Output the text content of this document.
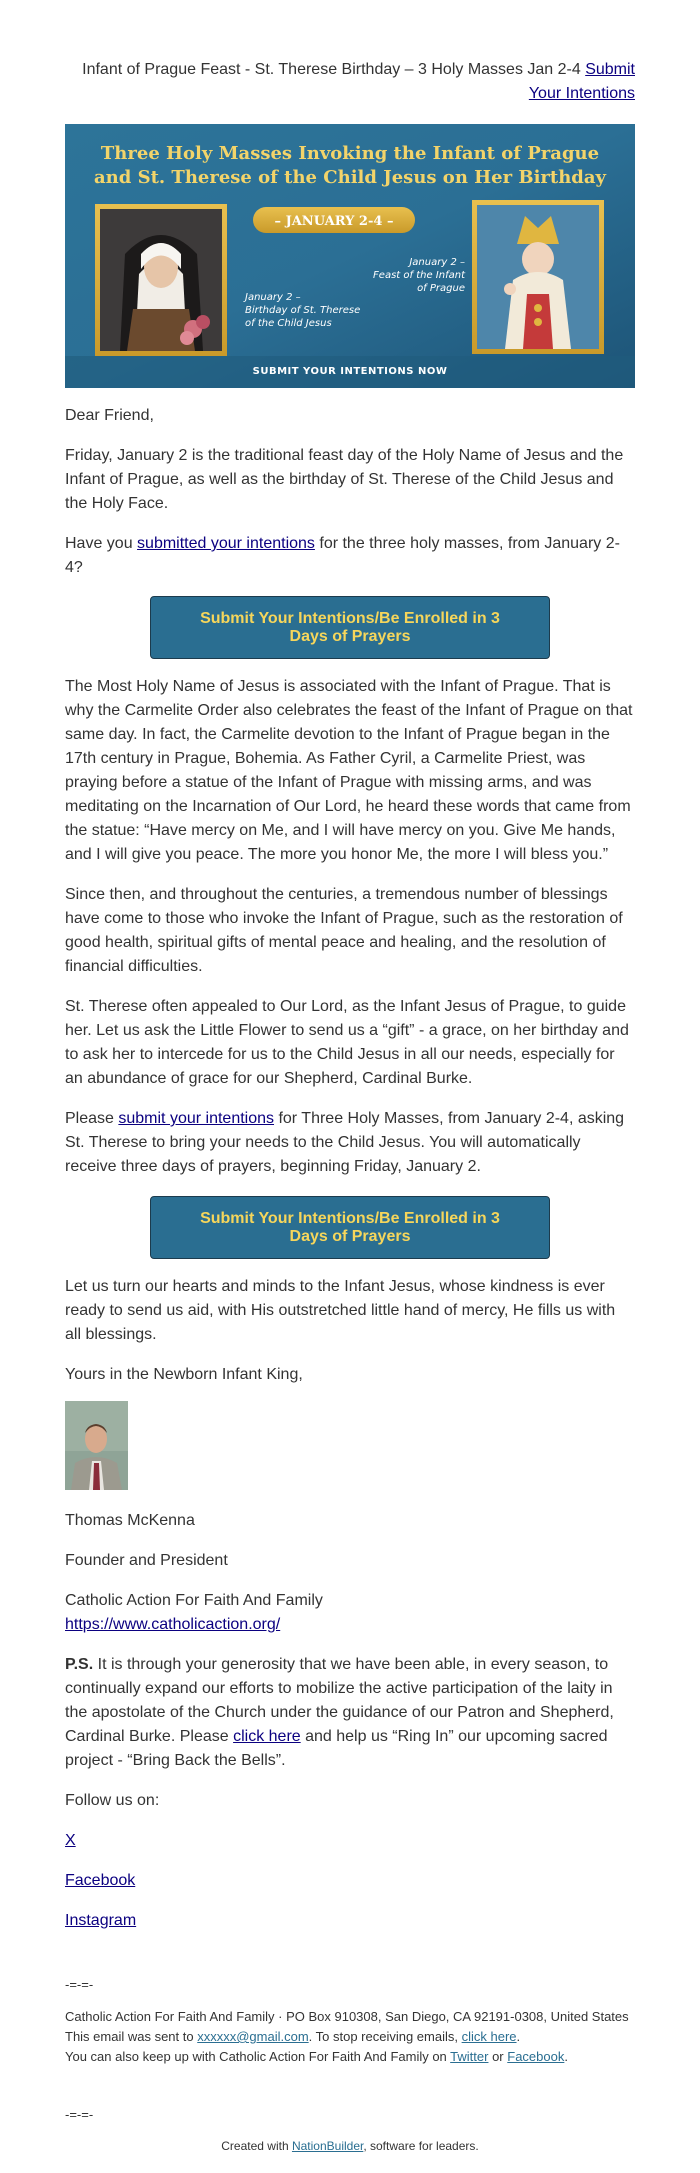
Infant of Prague Feast - St. Therese Birthday – 3 Holy Masses Jan 2-4 Submit Your Intentions
Three Holy Masses Invoking the Infant of Prague
and St. Therese of the Child Jesus on Her Birthday
– JANUARY 2-4 –
January 2 –
Feast of the Infant
of Prague
January 2 –
Birthday of St. Therese
of the Child Jesus
SUBMIT YOUR INTENTIONS NOW

Dear Friend,

Friday, January 2 is the traditional feast day of the Holy Name of Jesus and the Infant of Prague, as well as the birthday of St. Therese of the Child Jesus and the Holy Face.

Have you submitted your intentions for the three holy masses, from January 2-4?

Submit Your Intentions/Be Enrolled in 3 Days of Prayers

The Most Holy Name of Jesus is associated with the Infant of Prague. That is why the Carmelite Order also celebrates the feast of the Infant of Prague on that same day. In fact, the Carmelite devotion to the Infant of Prague began in the 17th century in Prague, Bohemia. As Father Cyril, a Carmelite Priest, was praying before a statue of the Infant of Prague with missing arms, and was meditating on the Incarnation of Our Lord, he heard these words that came from the statue: “Have mercy on Me, and I will have mercy on you. Give Me hands, and I will give you peace. The more you honor Me, the more I will bless you.”

Since then, and throughout the centuries, a tremendous number of blessings have come to those who invoke the Infant of Prague, such as the restoration of good health, spiritual gifts of mental peace and healing, and the resolution of financial difficulties.

St. Therese often appealed to Our Lord, as the Infant Jesus of Prague, to guide her. Let us ask the Little Flower to send us a “gift” - a grace, on her birthday and to ask her to intercede for us to the Child Jesus in all our needs, especially for an abundance of grace for our Shepherd, Cardinal Burke.

Please submit your intentions for Three Holy Masses, from January 2-4, asking St. Therese to bring your needs to the Child Jesus. You will automatically receive three days of prayers, beginning Friday, January 2.

Submit Your Intentions/Be Enrolled in 3 Days of Prayers

Let us turn our hearts and minds to the Infant Jesus, whose kindness is ever ready to send us aid, with His outstretched little hand of mercy, He fills us with all blessings.

Yours in the Newborn Infant King,

Thomas McKenna

Founder and President

Catholic Action For Faith And Family

https://www.catholicaction.org/

P.S. It is through your generosity that we have been able, in every season, to continually expand our efforts to mobilize the active participation of the laity in the apostolate of the Church under the guidance of our Patron and Shepherd, Cardinal Burke. Please click here and help us “Ring In” our upcoming sacred project - “Bring Back the Bells”.

Follow us on:

X

Facebook

Instagram

-=-=-

Catholic Action For Faith And Family · PO Box 910308, San Diego, CA 92191-0308, United States

This email was sent to xxxxxx@gmail.com. To stop receiving emails, click here.

You can also keep up with Catholic Action For Faith And Family on Twitter or Facebook.

-=-=-

Created with NationBuilder, software for leaders.
